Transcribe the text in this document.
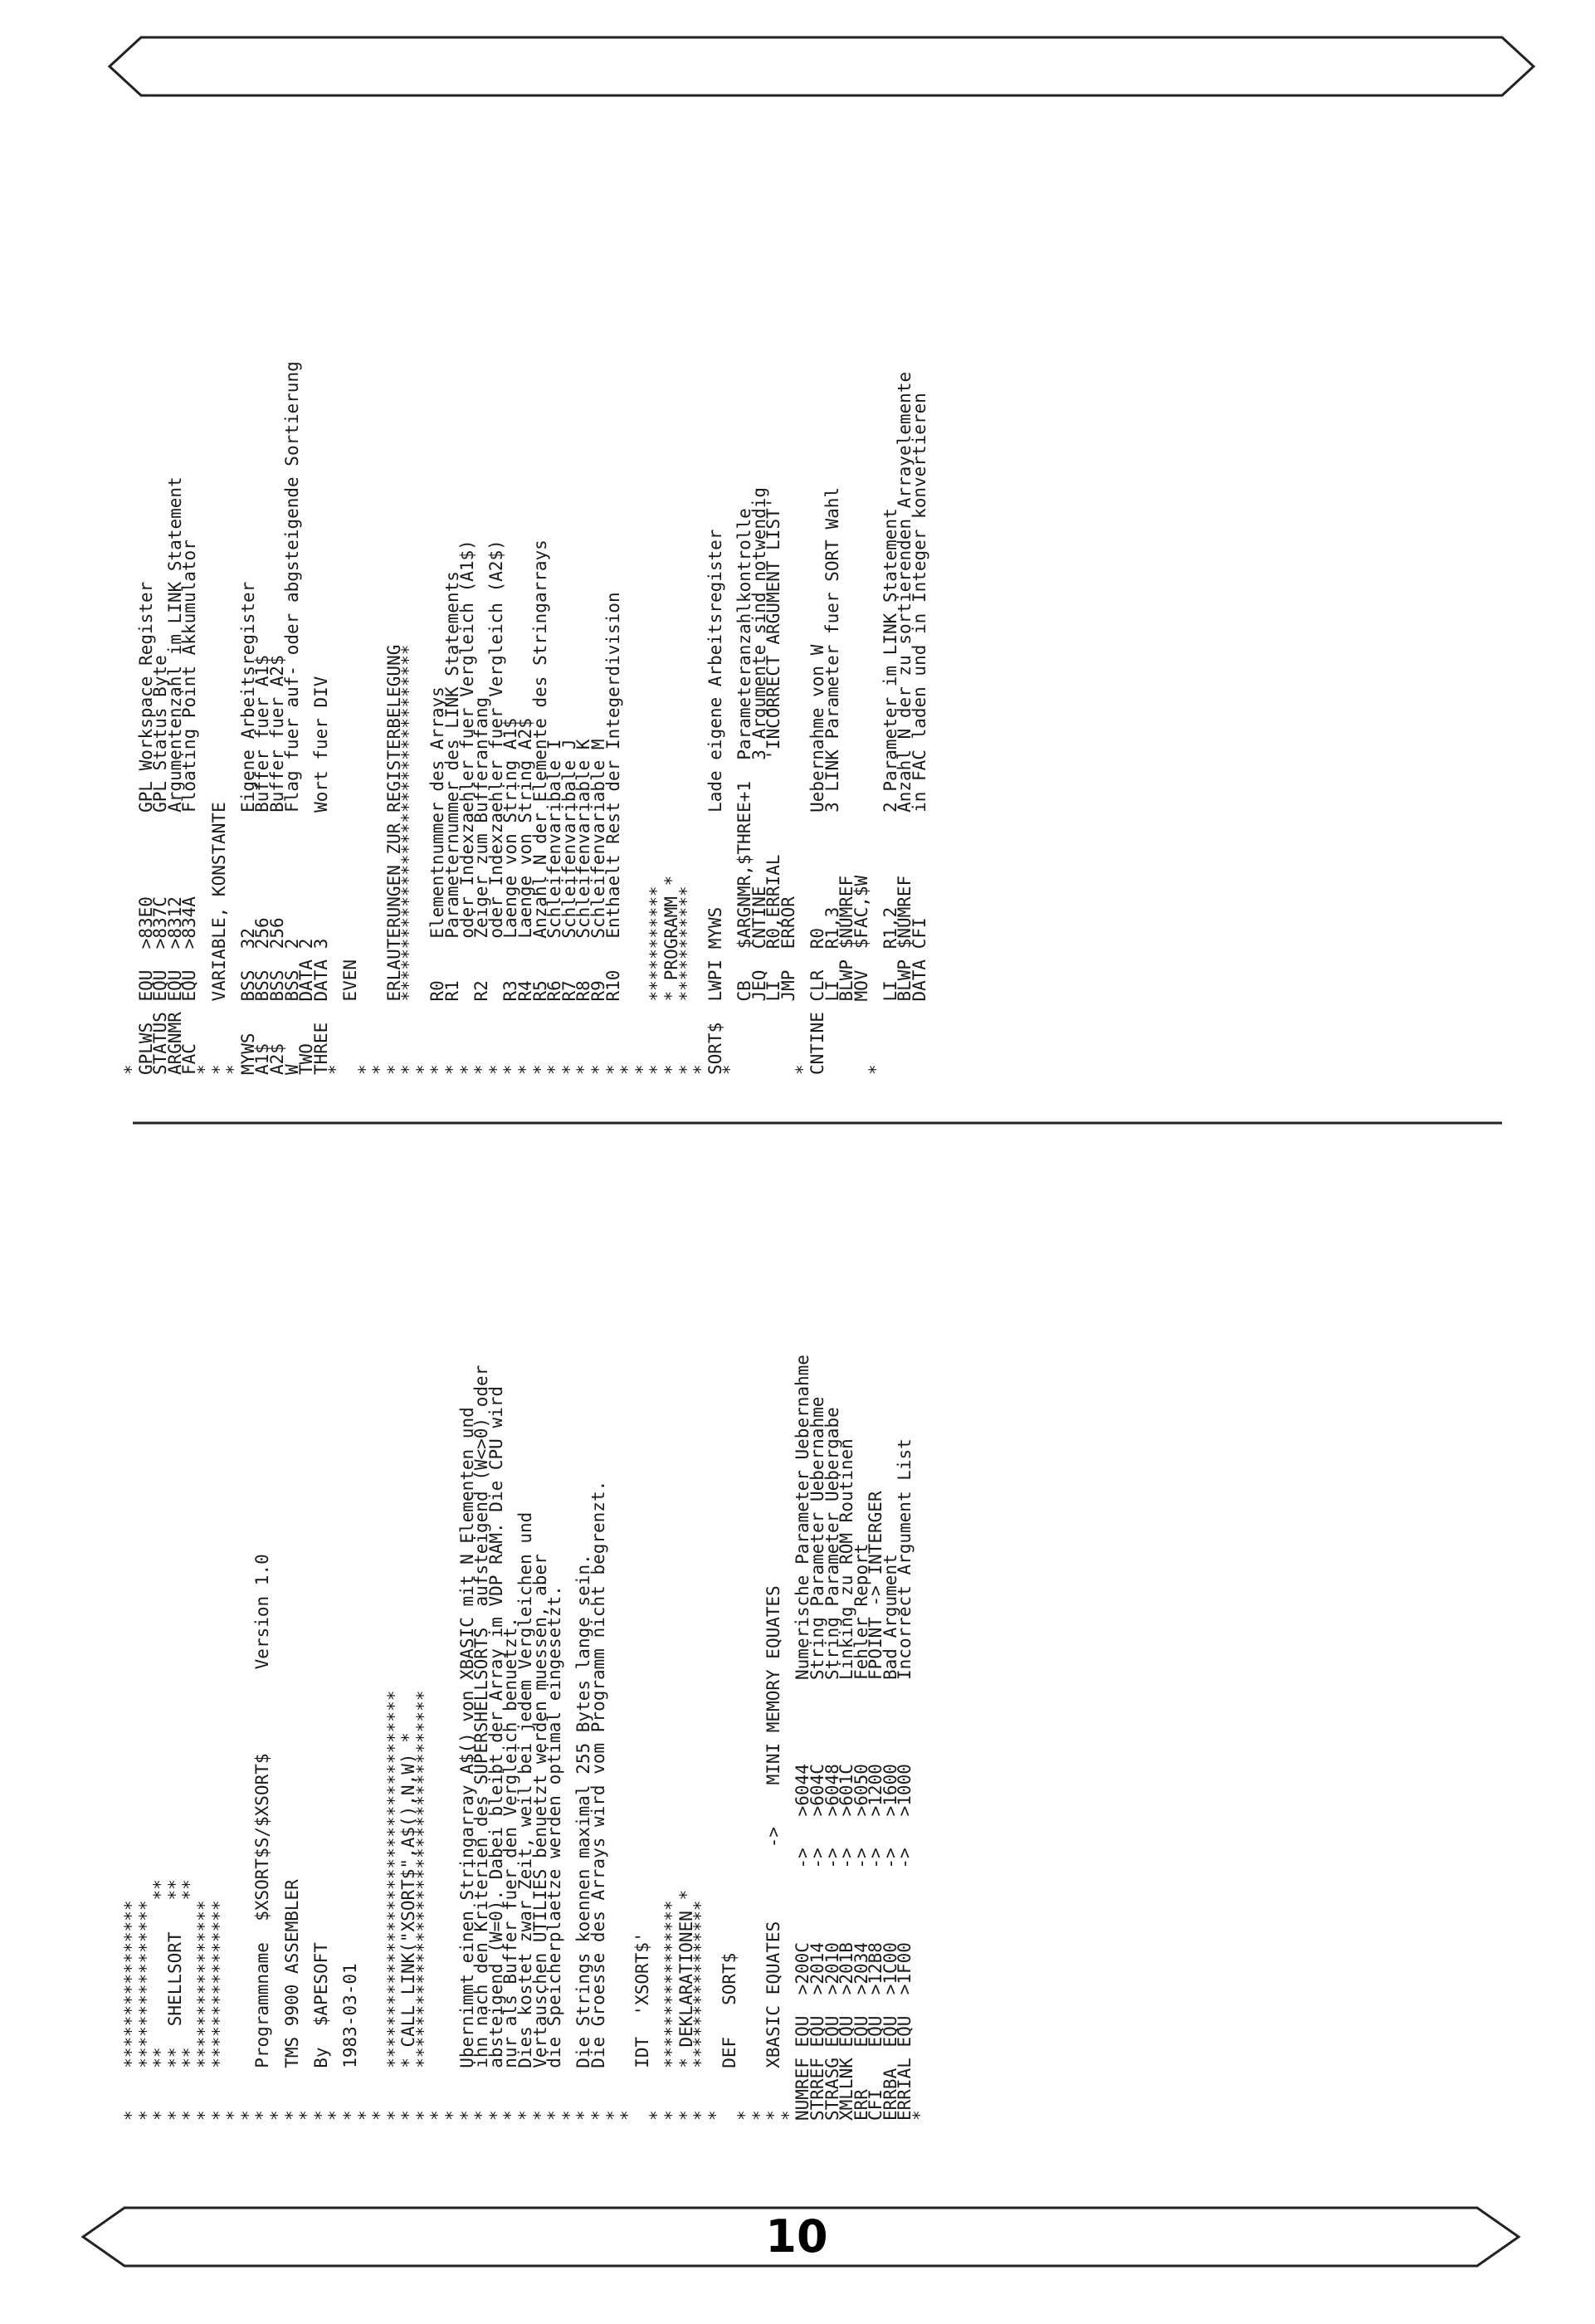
10
*    ****************
*    ****************
*    **              **
*    **  SHELLSORT   **
*    **              **
*    ****************
*    ****************
*
*
*    Programmname  $XSORT$S/$XSORT$        Version 1.0
*
*    TMS 9900 ASSEMBLER
*
*    By  $APESOFT
*
*    1983-03-01
*
*
*    ************************************
*    * CALL LINK("XSORT$",A$(),N,W) *
*    ************************************
*
*
*    Ubernimmt einen Stringarray A$() von XBASIC mit N Elementen und
*    ihn nach den Kriterien des SUPERSHELLSORTS  aufsteigend (W<>0) oder
*    absteigend (W=0). Dabei bleibt der Array im VDP RAM. Die CPU wird
*    nur als Buffer fuer den Vergleich benuetzt.
*    Dies kostet zwar Zeit, weil bei jedem Vergleichen und
*    Vertauschen UTILIES benuetzt werden muessen, aber
*    die Speicherplaetze werden optimal eingesetzt.
*
*    Die Strings koennen maximal 255 Bytes lange sein.
*    Die Groesse des Arrays wird vom Programm nicht begrenzt.
*
*
IDT  'XSORT$'
*
*    ****************
*    * DEKLARATIONEN *
*    ****************
*
DEF   SORT$
*
*
*    XBASIC EQUATES       ->    MINI MEMORY EQUATES
*
NUMREF EQU  >200C       ->   >6044        Numerische Parameter Uebernahme
STRREF EQU  >2014       ->   >604C        String Parameter Uebernahme
STRASG EQU  >2010       ->   >6048        String Parameter Uebergabe
XMLLNK EQU  >201B       ->   >601C        Linking zu ROM Routinen
ERR    EQU  >2034       ->   >6050        Fehler Report
CFI    EQU  >12B8       ->   >1200        FPOINT -> INTERGER
ERRBA  EQU  >1C00       ->   >1600        Bad Argument
ERRIAL EQU  >1F00       ->   >1000        Incorrect Argument List
*
*
GPLWS  EQU  >83E0        GPL Workspace Register
STATUS EQU  >837C        GPL Status Byte
ARGNMR EQU  >8312        Argumentenzahl im LINK Statement
FAC    EQU  >834A        Floating Point Akkumulator
*
*      VARIABLE, KONSTANTE
*
MYWS   BSS  32           Eigene Arbeitsregister
A1$    BSS  256          Buffer fuer A1$
A2$    BSS  256          Buffer fuer A2$
W      BSS  2            Flag fuer auf- oder abgsteigende Sortierung
TWO    DATA 2
THREE  DATA 3            Wort fuer DIV
*
EVEN
*
*
*      ERLAUTERUNGEN ZUR REGISTERBELEGUNG
*      **********************************
*
*      R0    Elementnummer des Arrays
*      R1    Parameternummer des LINK Statements
*            oder Indexzaehler fuer Vergleich (A1$)
*      R2    Zeiger zum Bufferanfang
*            oder Indexzaehler fuer Vergleich (A2$)
*      R3    Laenge von String A1$
*      R4    Laenge von String A2$
*      R5    Anzahl N der Elemente des Stringarrays
*      R6    Schleifenvaribale I
*      R7    Schleifenvaribale J
*      R8    Schleifenvariable K
*      R9    Schleifenvariable M
*      R10   Enthaelt Rest der Integerdivision
*
*
*      ***********
*      * PROGRAMM *
*      ***********
*
SORT$  LWPI MYWS         Lade eigene Arbeitsregister
*
CB   $ARGNMR,$THREE+1  Parameteranzahlkontrolle
JEQ  CNTINE            3 Argumente sind notwendig
LI   R0,ERRIAL         'INCORRECT ARGUMENT LIST'
JMP  ERROR
*
CNTINE CLR  R0           Uebernahme von W
LI   R1,3         3 LINK Parameter fuer SORT Wahl
BLWP $NUMREF
MOV  $FAC,$W
*
LI   R1,2         2 Parameter im LINK Statement
BLWP $NUMREF      Anzahl N der zu sortierenden Arrayelemente
DATA CFI          in FAC laden und in Integer konvertieren
